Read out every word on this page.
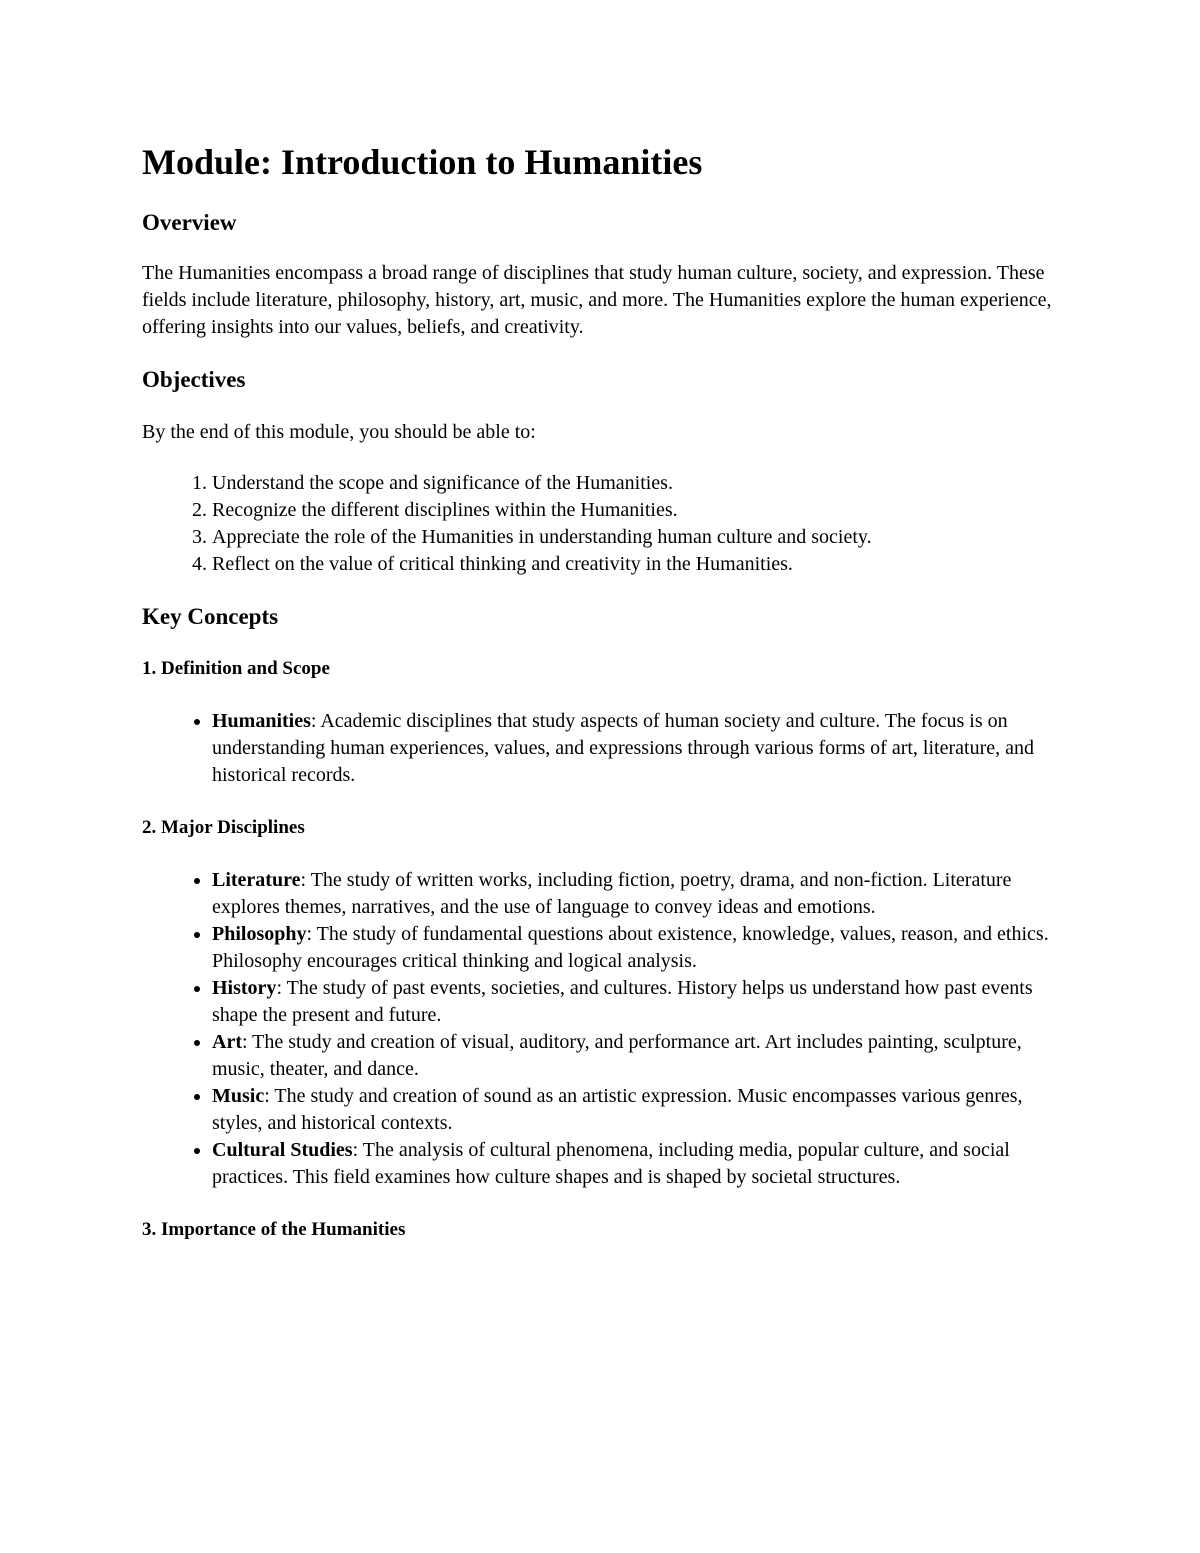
Module: Introduction to Humanities
Overview

The Humanities encompass a broad range of disciplines that study human culture, society, and expression. These fields include literature, philosophy, history, art, music, and more. The Humanities explore the human experience, offering insights into our values, beliefs, and creativity.

Objectives

By the end of this module, you should be able to:

1. Understand the scope and significance of the Humanities.
2. Recognize the different disciplines within the Humanities.
3. Appreciate the role of the Humanities in understanding human culture and society.
4. Reflect on the value of critical thinking and creativity in the Humanities.
Key Concepts
1. Definition and Scope
• Humanities: Academic disciplines that study aspects of human society and culture. The focus is on understanding human experiences, values, and expressions through various forms of art, literature, and historical records.
2. Major Disciplines
• Literature: The study of written works, including fiction, poetry, drama, and non-fiction. Literature explores themes, narratives, and the use of language to convey ideas and emotions.
• Philosophy: The study of fundamental questions about existence, knowledge, values, reason, and ethics. Philosophy encourages critical thinking and logical analysis.
• History: The study of past events, societies, and cultures. History helps us understand how past events shape the present and future.
• Art: The study and creation of visual, auditory, and performance art. Art includes painting, sculpture, music, theater, and dance.
• Music: The study and creation of sound as an artistic expression. Music encompasses various genres, styles, and historical contexts.
• Cultural Studies: The analysis of cultural phenomena, including media, popular culture, and social practices. This field examines how culture shapes and is shaped by societal structures.
3. Importance of the Humanities
